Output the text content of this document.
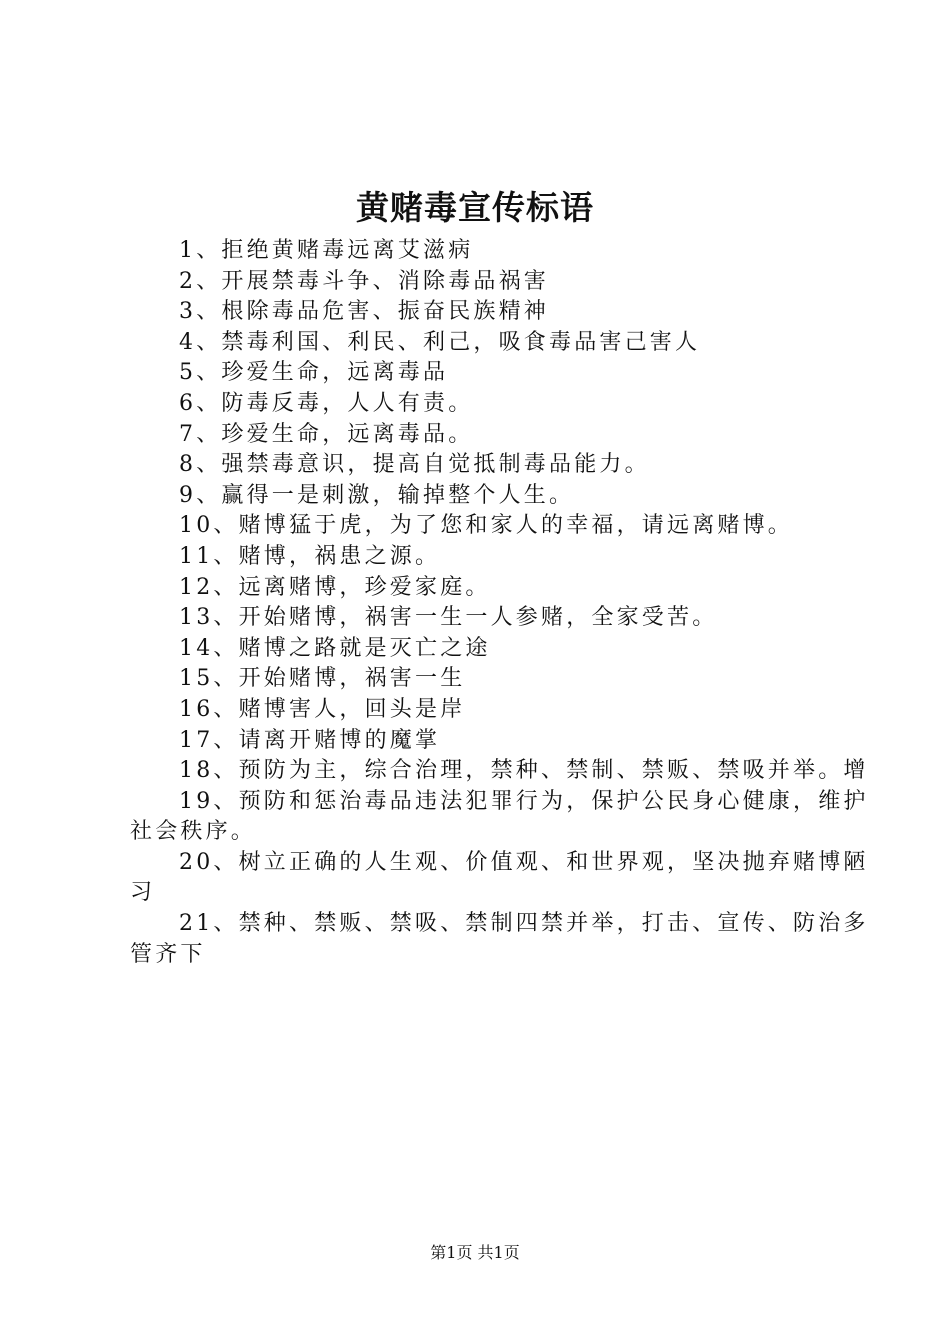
黄赌毒宣传标语
1、拒绝黄赌毒远离艾滋病
2、开展禁毒斗争、消除毒品祸害
3、根除毒品危害、振奋民族精神
4、禁毒利国、利民、利己，吸食毒品害己害人
5、珍爱生命，远离毒品
6、防毒反毒，人人有责。
7、珍爱生命，远离毒品。
8、强禁毒意识，提高自觉抵制毒品能力。
9、赢得一是刺激，输掉整个人生。
10、赌博猛于虎，为了您和家人的幸福，请远离赌博。
11、赌博，祸患之源。
12、远离赌博，珍爱家庭。
13、开始赌博，祸害一生一人参赌，全家受苦。
14、赌博之路就是灭亡之途
15、开始赌博，祸害一生
16、赌博害人，回头是岸
17、请离开赌博的魔掌
18、预防为主，综合治理，禁种、禁制、禁贩、禁吸并举。增
19、预防和惩治毒品违法犯罪行为，保护公民身心健康，维护社会秩序。
20、树立正确的人生观、价值观、和世界观，坚决抛弃赌博陋习
21、禁种、禁贩、禁吸、禁制四禁并举，打击、宣传、防治多管齐下
第1页 共1页
